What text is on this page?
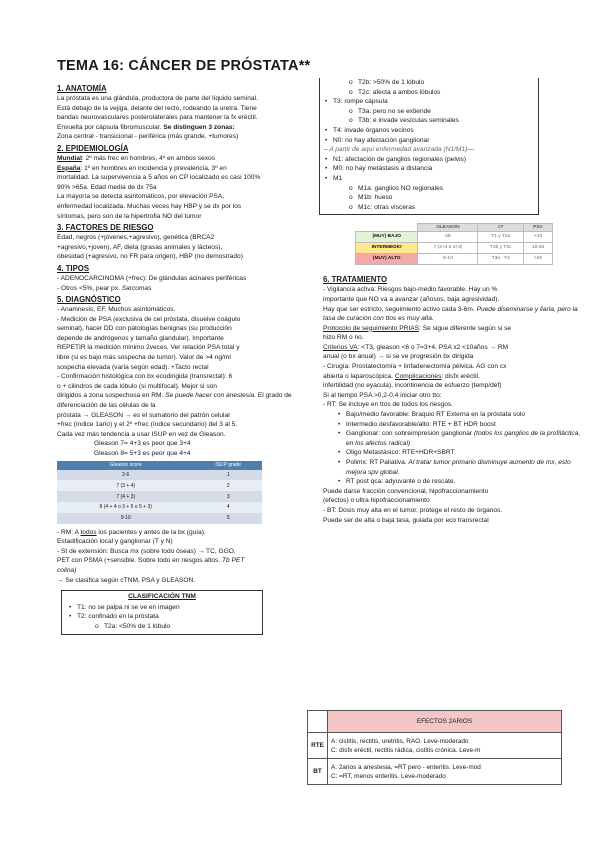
TEMA 16: CÁNCER DE PRÓSTATA**
1. ANATOMÍA
La próstata es una glándula, productora de parte del líquido seminal.
Está debajo de la vejiga, delante del recto, rodeando la uretra. Tiene
bandas neurovasculares posterolaterales para mantener la fx eréctil.
Envuelta por cápsula fibromuscular. Se distinguen 3 zonas:
Zona central - transicional - periférica (más grande, +tumores)
2. EPIDEMIOLOGÍA
Mundial: 2º más frec en hombres, 4º en ambos sexos
España: 1º en hombres en incidencia y prevalencia, 3º en
mortalidad. La supervivencia a 5 años en CP localizado es casi 100%
90% >65a. Edad media de dx 75a
La mayoría se detecta asintomáticos, por elevación PSA,
enfermedad localizada. Muchas veces hay HBP y se dx por los
síntomas, pero son de la hipertrofia NO del tumor
3. FACTORES DE RIESGO
Edad, negros (+jóvenes,+agresivo), genética (BRCA2
+agresivo,+joven), AF, dieta (grasas animales y lácteos),
obesidad (+agresivo, no FR para origen), HBP (no demostrado)
4. TIPOS
- ADENOCARCINOMA (+frec): De glándulas acinares periféricas
- Otros <5%, pear px. Sarcomas
5. DIAGNÓSTICO
- Anamnesis, EF. Muchos asintomáticos.
- Medición de PSA (exclusiva de cel próstata, disuelve coágulo
seminal), hacer DD con patologías benignas (su producción
depende de andrógenos y tamaño glandular). Importante
REPETIR la medición mínimo 2veces. Ver relación PSA total y
libre (si es bajo más sospecha de tumor). Valor de >4 ng/ml
sospecha elevada (varía según edad). +Tacto rectal
- Confirmación histológica con bx ecodirigida (transrectal): 6
o + cilindros de cada lóbulo (si multifocal). Mejor si son
dirigidos a zona sospechosa en RM. Se puede hacer con anestesia. El grado de diferenciación de las células de la
próstata → GLEASON → es el sumatorio del patrón celular
+frec (índice 1ario) y el 2º +frec (índice secundario) del 3 al 5.
Cada vez más tendencia a usar ISUP en vez de Gleason.
Gleason 7= 4+3 es peor que 3+4
Gleason 8= 5+3 es peor que 4+4
Gleason score	ISUP grade
2-6	1
7 (3 + 4)	2
7 (4 + 3)	3
8 (4 + 4 o 3 + 5 o 5 + 3)	4
9-10	5
- RM: A todos los pacientes y antes de la bx (guía).
Estadificación local y ganglionar (T y N)
- St de extensión: Busca mx (sobre todo óseas) → TC, GGO,
PET con PSMA (+sensible. Sobre todo en riesgos altos. Tb PET
colina)
→ Se clasifica según cTNM, PSA y GLEASON.
CLASIFICACIÓN TNM
• T1: no se palpa ni se ve en imagen
• T2: confinado en la próstata
o T2a: <50% de 1 lóbulo
o T2b: >50% de 1 lóbulo
o T2c: afecta a ambos lóbulos
• T3: rompe cápsula
o T3a: pero no se extiende
o T3b: e invade vesículas seminales
• T4: invade órganos vecinos
• N0: no hay afectación ganglionar
– A partir de aquí enfermedad avanzada (N1/M1)—
• N1: afectación de ganglios regionales (pelvis)
• M0: no hay metástasis a distancia
• M1
o M1a: ganglios NO regionales
o M1b: hueso
o M1c: otras vísceras
	GLEASON	cT	PSA
(MUY) BAJO	≤6	T1 y T2a	<10
INTERMEDIO	7 (3+4 ó 4+3)	T2b y T2c	10-20
(MUY) ALTO	8-10	T3a - T4	>20
6. TRATAMIENTO
- Vigilancia activa: Riesgos bajo-medio favorable. Hay un %
importante que NO va a avanzar (añosos, baja agresividad).
Hay que ser estricto, seguimiento activo cada 3-6m. Puede diseminarse y liarla, pero la tasa de curación con ttos es muy alta.
Protocolo de seguimiento PRIAS: Se sigue diferente según si se
hizo RM o no.
Criterios VA: <T3, gleason <6 o 7=3+4, PSA x2 <10años → RM
anual (o bx anual) → si se ve progresión bx dirigida
- Cirugía: Prostatectomía + linfadenectomía pélvica. AG con cx
abierta o laparoscópica. Complicaciones: disfx eréctil,
infertilidad (no eyacula), incontinencia de esfuerzo (temp/def)
Si al tiempo PSA >0,2-0,4 iniciar otro tto:
- RT: Se incluye en ttos de todos los riesgos.
• Bajo/medio favorable: Braquio RT Externa en la próstata solo
• Intermedio desfavorable/alto: RTE + BT HDR boost
• Ganglionar: con sobreimpresión ganglionar (todos los ganglios de la profiláctica, en los afectos radical)
• Oligo Metastásico: RTE+HDR+SBRT
• Polimx: RT Paliativa. Al tratar tumor primario disminuye aumento de mx, esto mejora spv global.
• RT post qca: adyuvante o de rescate.
Puede darse fracción convencional, hipofraccionamiento
(efectos) o ultra hipofraccionamiento
- BT: Dosis muy alta en el tumor, protege el resto de órganos.
Puede ser de alta o baja tasa, guiada por eco transrectal
	EFECTOS 2ARIOS
RTE	A: cistitis, rectitis, uretritis, RAO. Leve-moderado
C: disfx eréctil, rectitis rádica, cistitis crónica. Leve-m

BT	A: 2arios a anestesia, =RT pero - enteritis. Leve-mod
C: =RT, menos enteritis. Leve-moderado
